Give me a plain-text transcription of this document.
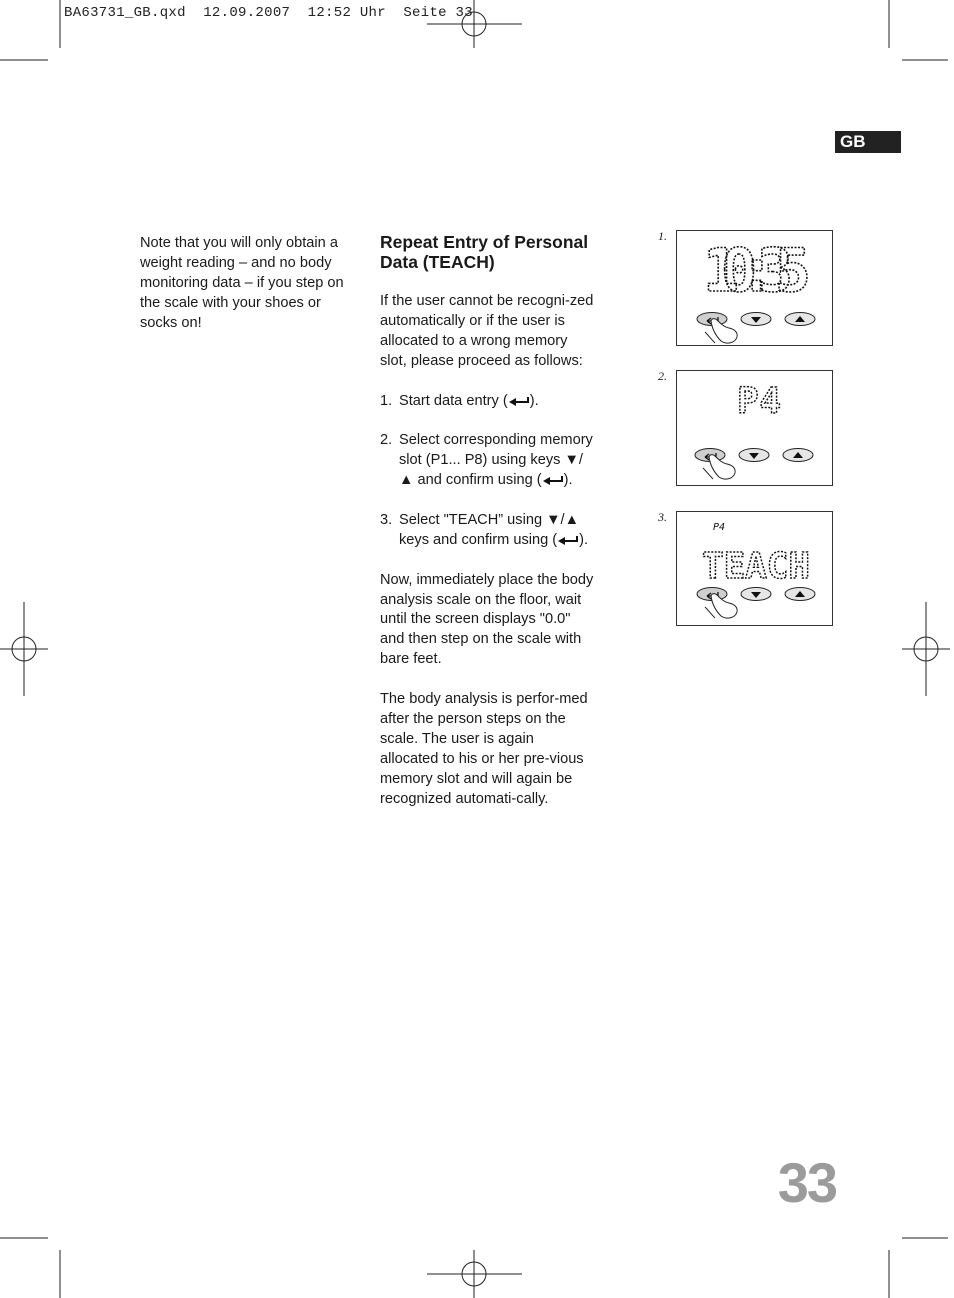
BA63731_GB.qxd  12.09.2007  12:52 Uhr  Seite 33
GB
Note that you will only obtain a weight reading – and no body monitoring data – if you step on the scale with your shoes or socks on!
Repeat Entry of Personal Data (TEACH)

If the user cannot be recogni-zed automatically or if the user is allocated to a wrong memory slot, please proceed as follows:

1. Start data entry ( ).
2. Select corresponding memory slot (P1... P8) using keys ▼/▲ and confirm using ( ).
3. Select "TEACH” using ▼/▲ keys and confirm using ( ).

Now, immediately place the body analysis scale on the floor, wait until the screen displays "0.0" and then step on the scale with bare feet.

The body analysis is perfor-med after the person steps on the scale. The user is again allocated to his or her pre-vious memory slot and will again be recognized automati-cally.

1. 10:35
2.
P4
3.
P4
TEACH
33
